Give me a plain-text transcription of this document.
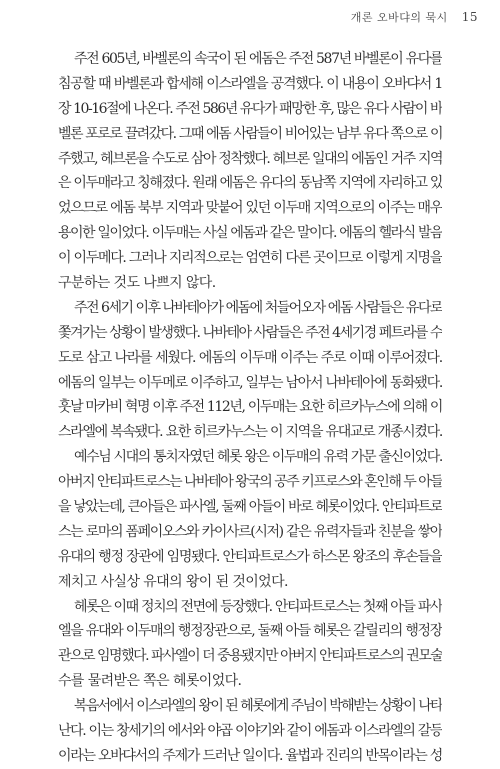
개론 오바댜의 묵시 15
주전 605년, 바벨론의 속국이 된 에돔은 주전 587년 바벨론이 유다를
침공할 때 바벨론과 합세해 이스라엘을 공격했다. 이 내용이 오바댜서 1
장 10-16절에 나온다. 주전 586년 유다가 패망한 후, 많은 유다 사람이 바
벨론 포로로 끌려갔다. 그때 에돔 사람들이 비어있는 남부 유다 쪽으로 이
주했고, 헤브론을 수도로 삼아 정착했다. 헤브론 일대의 에돔인 거주 지역
은 이두매라고 칭해졌다. 원래 에돔은 유다의 동남쪽 지역에 자리하고 있
었으므로 에돔 북부 지역과 맞붙어 있던 이두매 지역으로의 이주는 매우
용이한 일이었다. 이두매는 사실 에돔과 같은 말이다. 에돔의 헬라식 발음
이 이두메다. 그러나 지리적으로는 엄연히 다른 곳이므로 이렇게 지명을
구분하는 것도 나쁘지 않다.
주전 6세기 이후 나바테아가 에돔에 처들어오자 에돔 사람들은 유다로
쫓겨가는 상황이 발생했다. 나바테아 사람들은 주전 4세기경 페트라를 수
도로 삼고 나라를 세웠다. 에돔의 이두매 이주는 주로 이때 이루어졌다.
에돔의 일부는 이두메로 이주하고, 일부는 남아서 나바테아에 동화됐다.
훗날 마카비 혁명 이후 주전 112년, 이두매는 요한 히르카누스에 의해 이
스라엘에 복속됐다. 요한 히르카누스는 이 지역을 유대교로 개종시켰다.
예수님 시대의 통치자였던 헤롯 왕은 이두매의 유력 가문 출신이었다.
아버지 안티파트로스는 나바테아 왕국의 공주 키프로스와 혼인해 두 아들
을 낳았는데, 큰아들은 파사엘, 둘째 아들이 바로 헤롯이었다. 안티파트로
스는 로마의 폼페이오스와 카이사르(시저) 같은 유력자들과 친분을 쌓아
유대의 행정 장관에 임명됐다. 안티파트로스가 하스몬 왕조의 후손들을
제치고 사실상 유대의 왕이 된 것이었다.
헤롯은 이때 정치의 전면에 등장했다. 안티파트로스는 첫째 아들 파사
엘을 유대와 이두매의 행정장관으로, 둘째 아들 헤롯은 갈릴리의 행정장
관으로 임명했다. 파사엘이 더 중용됐지만 아버지 안티파트로스의 권모술
수를 물려받은 쪽은 헤롯이었다.
복음서에서 이스라엘의 왕이 된 헤롯에게 주님이 박해받는 상황이 나타
난다. 이는 창세기의 에서와 야곱 이야기와 같이 에돔과 이스라엘의 갈등
이라는 오바댜서의 주제가 드러난 일이다. 율법과 진리의 반목이라는 성
